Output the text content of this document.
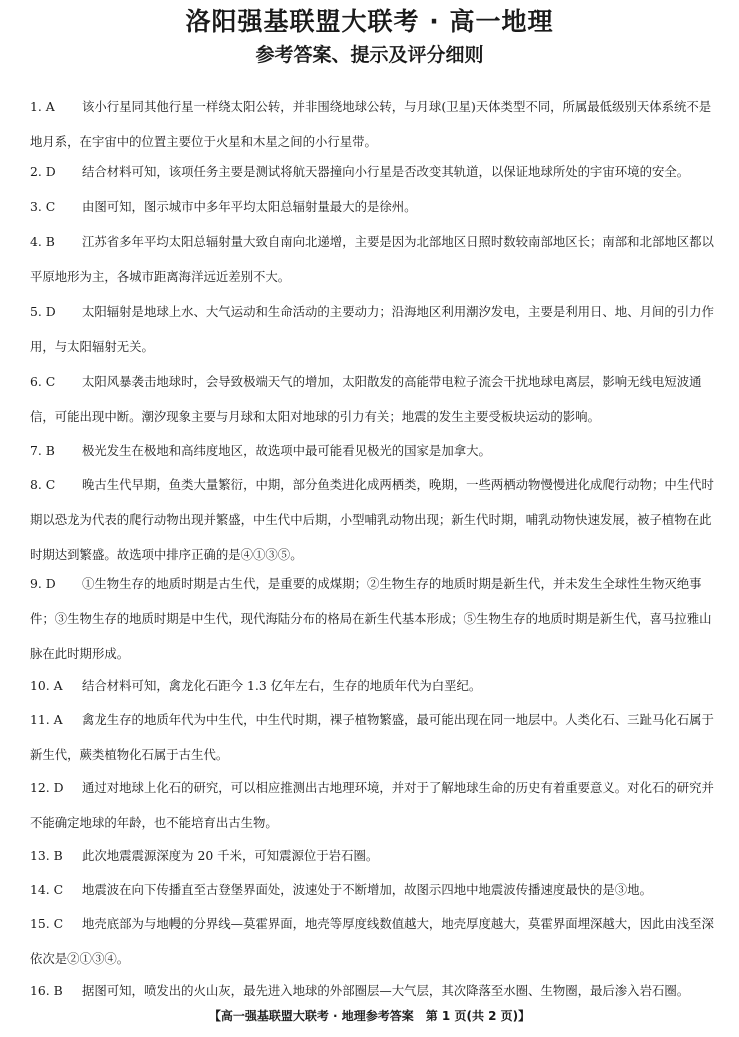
洛阳强基联盟大联考 · 高一地理
参考答案、提示及评分细则
1. A 该小行星同其他行星一样绕太阳公转，并非围绕地球公转，与月球(卫星)天体类型不同，所属最低级别天体系统不是地月系，在宇宙中的位置主要位于火星和木星之间的小行星带。
2. D 结合材料可知，该项任务主要是测试将航天器撞向小行星是否改变其轨道，以保证地球所处的宇宙环境的安全。
3. C 由图可知，图示城市中多年平均太阳总辐射量最大的是徐州。
4. B 江苏省多年平均太阳总辐射量大致自南向北递增，主要是因为北部地区日照时数较南部地区长；南部和北部地区都以平原地形为主，各城市距离海洋远近差别不大。
5. D 太阳辐射是地球上水、大气运动和生命活动的主要动力；沿海地区利用潮汐发电，主要是利用日、地、月间的引力作用，与太阳辐射无关。
6. C 太阳风暴袭击地球时，会导致极端天气的增加，太阳散发的高能带电粒子流会干扰地球电离层，影响无线电短波通信，可能出现中断。潮汐现象主要与月球和太阳对地球的引力有关；地震的发生主要受板块运动的影响。
7. B 极光发生在极地和高纬度地区，故选项中最可能看见极光的国家是加拿大。
8. C 晚古生代早期，鱼类大量繁衍，中期，部分鱼类进化成两栖类，晚期，一些两栖动物慢慢进化成爬行动物；中生代时期以恐龙为代表的爬行动物出现并繁盛，中生代中后期，小型哺乳动物出现；新生代时期，哺乳动物快速发展，被子植物在此时期达到繁盛。故选项中排序正确的是④①③⑤。
9. D ①生物生存的地质时期是古生代，是重要的成煤期；②生物生存的地质时期是新生代，并未发生全球性生物灭绝事件；③生物生存的地质时期是中生代，现代海陆分布的格局在新生代基本形成；⑤生物生存的地质时期是新生代，喜马拉雅山脉在此时期形成。
10. A 结合材料可知，禽龙化石距今 1.3 亿年左右，生存的地质年代为白垩纪。
11. A 禽龙生存的地质年代为中生代，中生代时期，裸子植物繁盛，最可能出现在同一地层中。人类化石、三趾马化石属于新生代，蕨类植物化石属于古生代。
12. D 通过对地球上化石的研究，可以相应推测出古地理环境，并对于了解地球生命的历史有着重要意义。对化石的研究并不能确定地球的年龄，也不能培育出古生物。
13. B 此次地震震源深度为 20 千米，可知震源位于岩石圈。
14. C 地震波在向下传播直至古登堡界面处，波速处于不断增加，故图示四地中地震波传播速度最快的是③地。
15. C 地壳底部为与地幔的分界线—莫霍界面，地壳等厚度线数值越大，地壳厚度越大，莫霍界面埋深越大，因此由浅至深依次是②①③④。
16. B 据图可知，喷发出的火山灰，最先进入地球的外部圈层—大气层，其次降落至水圈、生物圈，最后渗入岩石圈。
【高一强基联盟大联考 · 地理参考答案　第 1 页(共 2 页)】
